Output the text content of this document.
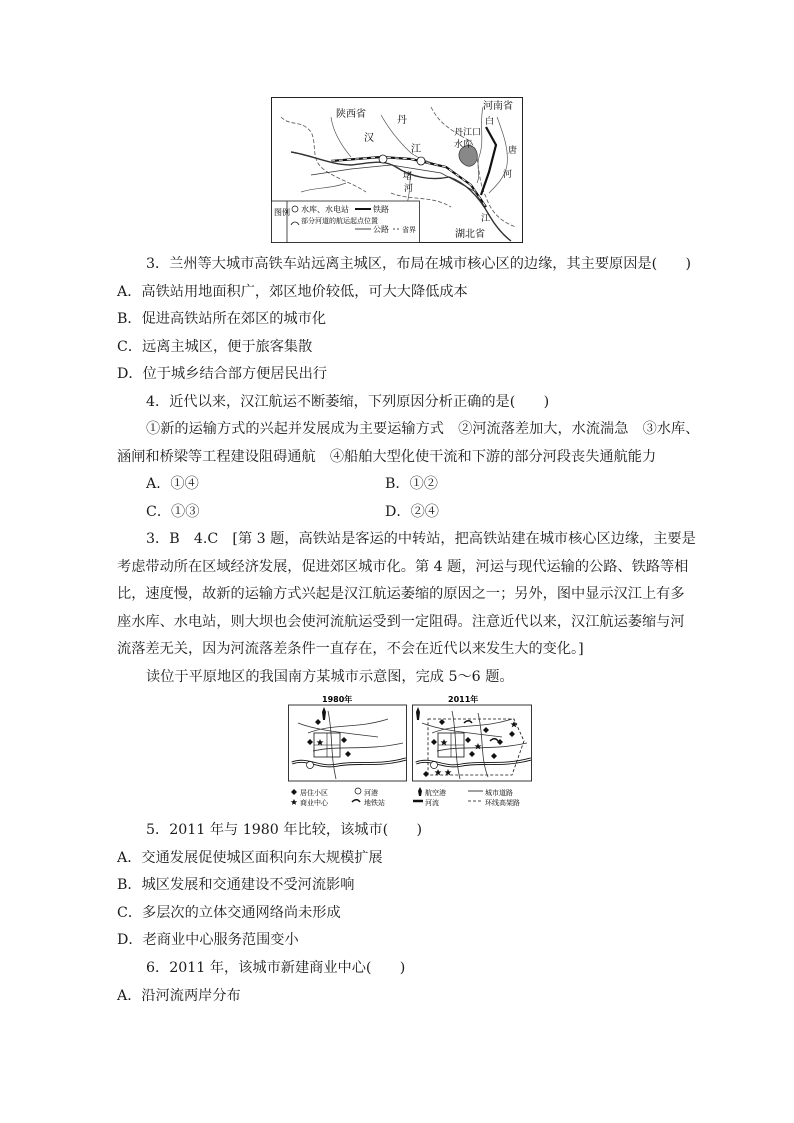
陕西省
河南省
湖北省
汉
丹
江
堵
河
丹江口
水库
白
唐
河
江
图例 水库、水电站	铁路
部分河道的航运起点位置
公路 省界
3．兰州等大城市高铁车站远离主城区，布局在城市核心区的边缘，其主要原因是(　　)
A．高铁站用地面积广，郊区地价较低，可大大降低成本
B．促进高铁站所在郊区的城市化
C．远离主城区，便于旅客集散
D．位于城乡结合部方便居民出行
4．近代以来，汉江航运不断萎缩，下列原因分析正确的是(　　)
①新的运输方式的兴起并发展成为主要运输方式　②河流落差加大，水流湍急　③水库、
涵闸和桥梁等工程建设阻碍通航　④船舶大型化使干流和下游的部分河段丧失通航能力
A．①④	B．①②
C．①③	D．②④
3．B　4.C　[第 3 题，高铁站是客运的中转站，把高铁站建在城市核心区边缘，主要是
考虑带动所在区域经济发展，促进郊区城市化。第 4 题，河运与现代运输的公路、铁路等相
比，速度慢，故新的运输方式兴起是汉江航运萎缩的原因之一；另外，图中显示汉江上有多
座水库、水电站，则大坝也会使河流航运受到一定阻碍。注意近代以来，汉江航运萎缩与河
流落差无关，因为河流落差条件一直存在，不会在近代以来发生大的变化。]
读位于平原地区的我国南方某城市示意图，完成 5～6 题。
1980年	2011年
居住小区	河港	航空港	城市道路
商业中心	地铁站	河流	环线高架路
5．2011 年与 1980 年比较，该城市(　　)
A．交通发展促使城区面积向东大规模扩展
B．城区发展和交通建设不受河流影响
C．多层次的立体交通网络尚未形成
D．老商业中心服务范围变小
6．2011 年，该城市新建商业中心(　　)
A．沿河流两岸分布
